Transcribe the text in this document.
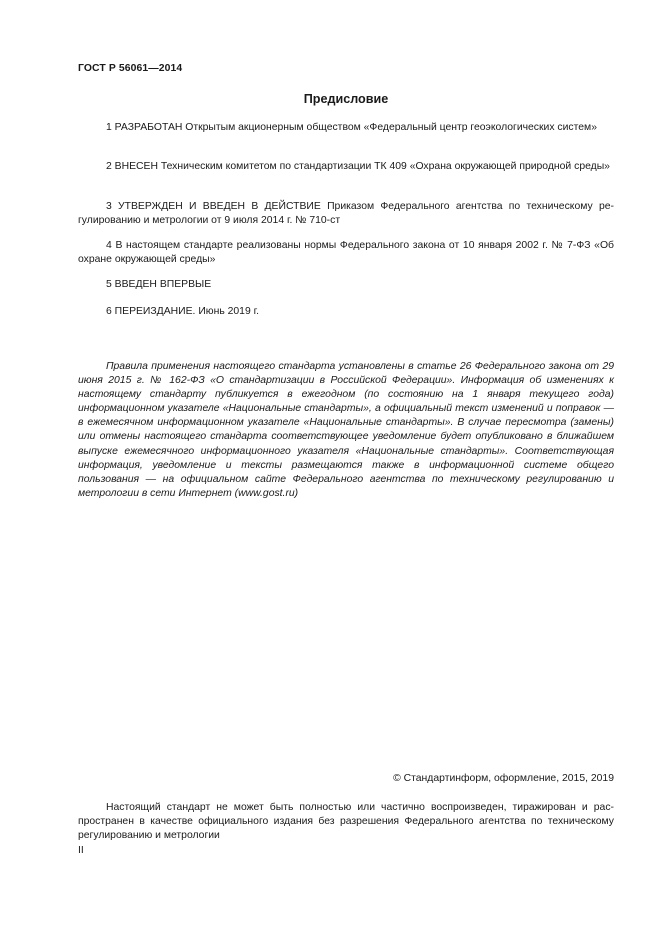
ГОСТ Р 56061—2014
Предисловие
1 РАЗРАБОТАН Открытым акционерным обществом «Федеральный центр геоэкологических систем»
2 ВНЕСЕН Техническим комитетом по стандартизации ТК 409 «Охрана окружающей природной среды»
3 УТВЕРЖДЕН И ВВЕДЕН В ДЕЙСТВИЕ Приказом Федерального агентства по техническому регулированию и метрологии от 9 июля 2014 г. № 710-ст
4 В настоящем стандарте реализованы нормы Федерального закона от 10 января 2002 г. № 7-ФЗ «Об охране окружающей среды»
5 ВВЕДЕН ВПЕРВЫЕ
6 ПЕРЕИЗДАНИЕ. Июнь 2019 г.
Правила применения настоящего стандарта установлены в статье 26 Федерального закона от 29 июня 2015 г. № 162-ФЗ «О стандартизации в Российской Федерации». Информация об изменениях к настоящему стандарту публикуется в ежегодном (по состоянию на 1 января текущего года) информационном указателе «Национальные стандарты», а официальный текст изменений и поправок — в ежемесячном информационном указателе «Национальные стандарты». В случае пересмотра (замены) или отмены настоящего стандарта соответствующее уведомление будет опубликовано в ближайшем выпуске ежемесячного информационного указателя «Национальные стандарты». Соответствующая информация, уведомление и тексты размещаются также в информационной системе общего пользования — на официальном сайте Федерального агентства по техническому регулированию и метрологии в сети Интернет (www.gost.ru)
© Стандартинформ, оформление, 2015, 2019
Настоящий стандарт не может быть полностью или частично воспроизведен, тиражирован и распространен в качестве официального издания без разрешения Федерального агентства по техническому регулированию и метрологии
II
